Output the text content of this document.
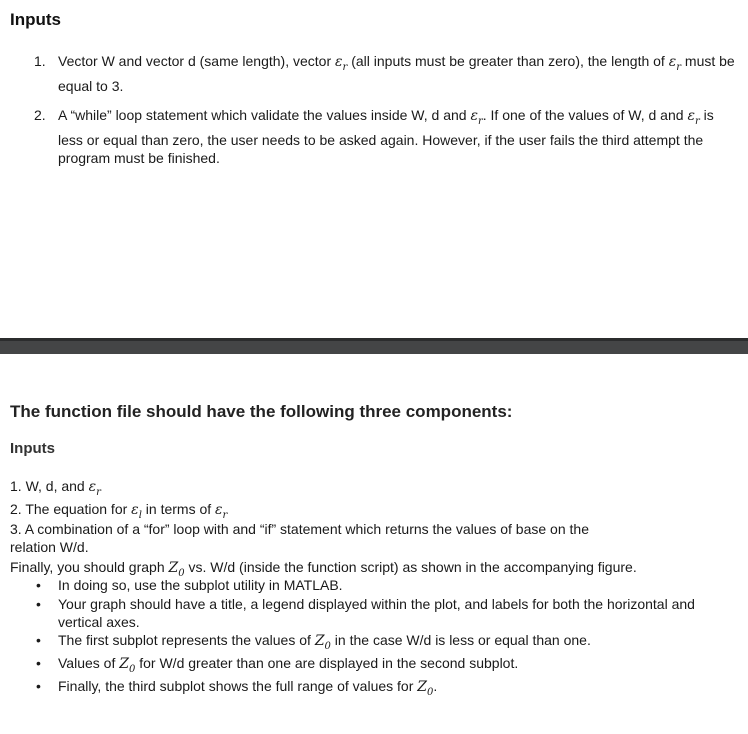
Inputs
1. Vector W and vector d (same length), vector $\varepsilon_r$ (all inputs must be greater than zero), the length of $\varepsilon_r$ must be equal to 3.
2. A “while” loop statement which validate the values inside W, d and $\varepsilon_r$. If one of the values of W, d and $\varepsilon_r$ is less or equal than zero, the user needs to be asked again. However, if the user fails the third attempt the program must be finished.
The function file should have the following three components:
Inputs
1. W, d, and $\varepsilon_r$
2. The equation for $\varepsilon_l$ in terms of $\varepsilon_r$
3. A combination of a “for” loop with and “if” statement which returns the values of base on the relation W/d.
Finally, you should graph $Z_0$ vs. W/d (inside the function script) as shown in the accompanying figure.
• In doing so, use the subplot utility in MATLAB.
• Your graph should have a title, a legend displayed within the plot, and labels for both the horizontal and vertical axes.
• The first subplot represents the values of $Z_0$ in the case W/d is less or equal than one.
• Values of $Z_0$ for W/d greater than one are displayed in the second subplot.
• Finally, the third subplot shows the full range of values for $Z_0$.
